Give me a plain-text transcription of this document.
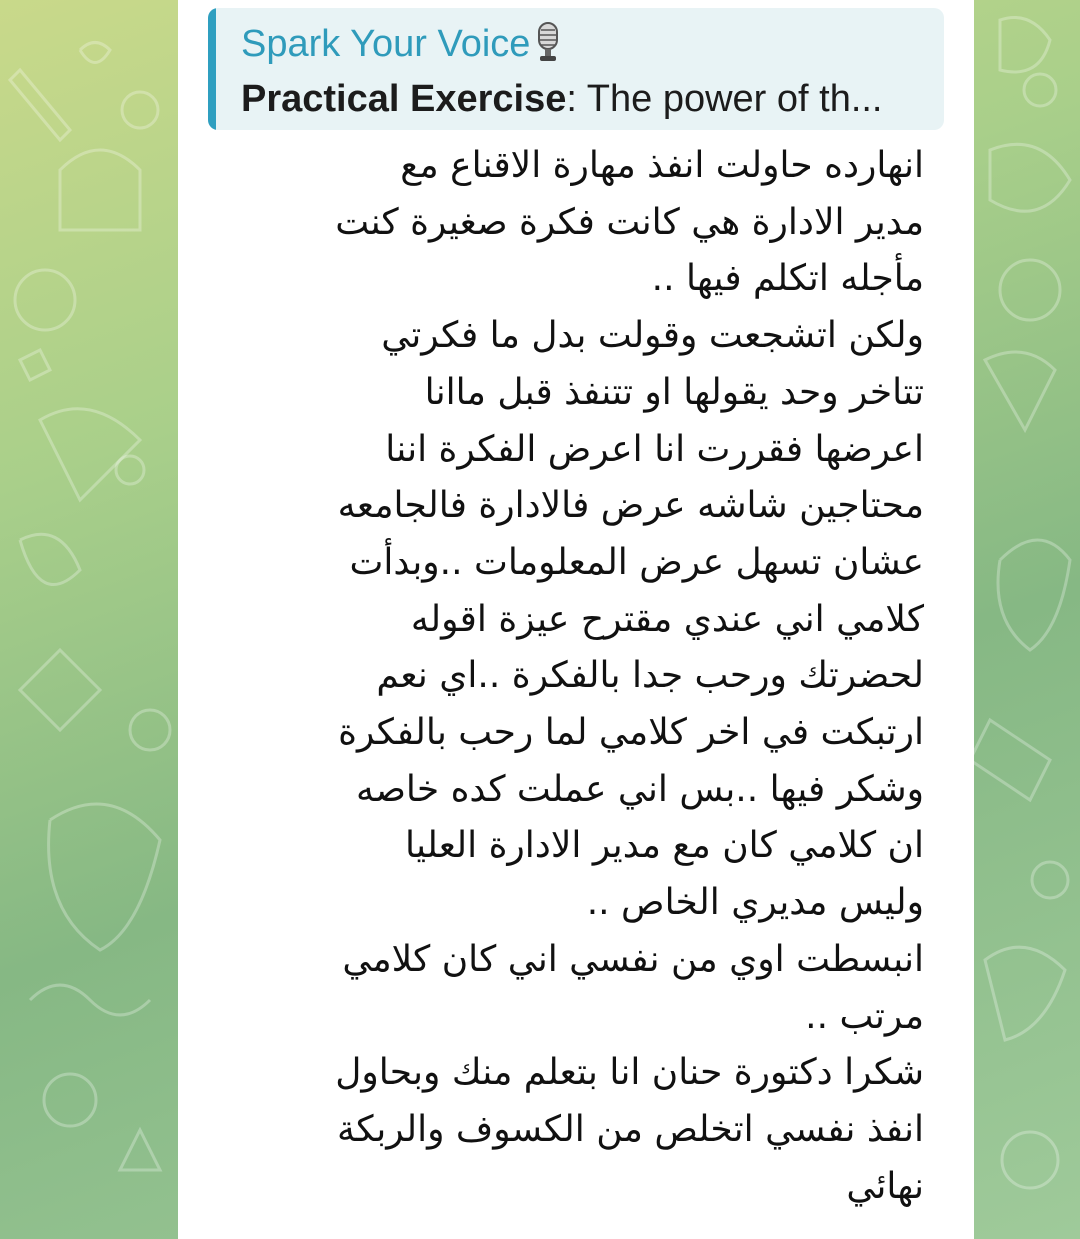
Spark Your Voice
Practical Exercise: The power of th...
انهارده حاولت انفذ مهارة الاقناع مع
مدير الادارة هي كانت فكرة صغيرة كنت
مأجله اتكلم فيها ..
ولكن اتشجعت وقولت بدل ما فكرتي
تتاخر وحد يقولها او تتنفذ قبل ماانا
اعرضها فقررت انا اعرض الفكرة اننا
محتاجين شاشه عرض فالادارة فالجامعه
عشان تسهل عرض المعلومات ..وبدأت
كلامي اني عندي مقترح عيزة اقوله
لحضرتك ورحب جدا بالفكرة ..اي نعم
ارتبكت في اخر كلامي لما رحب بالفكرة
وشكر فيها ..بس اني عملت كده خاصه
ان كلامي كان مع مدير الادارة العليا
وليس مديري الخاص ..
انبسطت اوي من نفسي اني كان كلامي
مرتب ..
شكرا دكتورة حنان انا بتعلم منك وبحاول
انفذ نفسي اتخلص من الكسوف والربكة
نهائي
